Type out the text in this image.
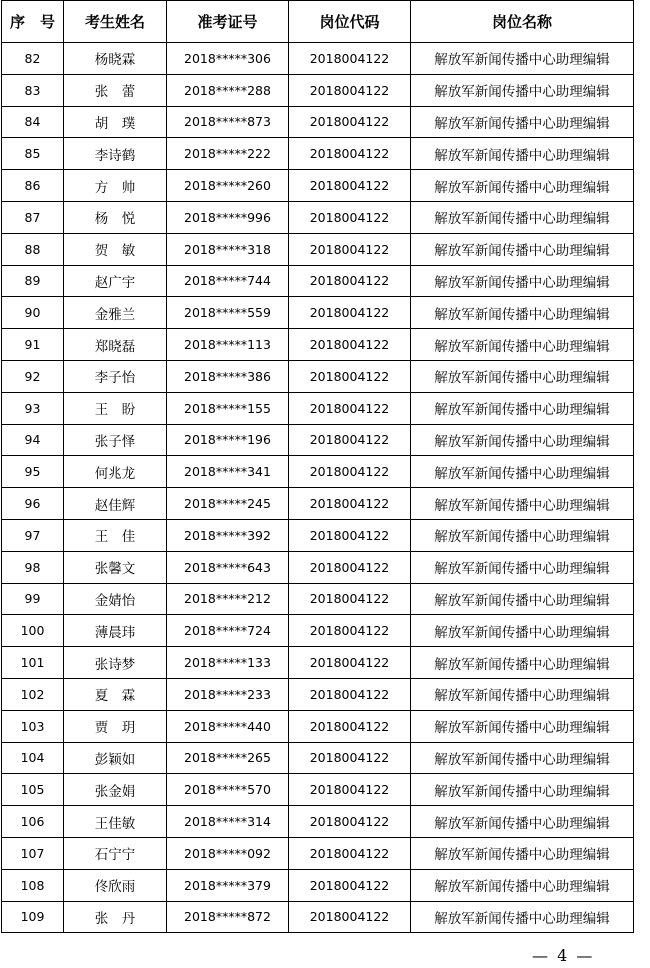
序　号	考生姓名	准考证号	岗位代码	岗位名称
82	杨晓霖	2018*****306	2018004122	解放军新闻传播中心助理编辑
83	张　蕾	2018*****288	2018004122	解放军新闻传播中心助理编辑
84	胡　璞	2018*****873	2018004122	解放军新闻传播中心助理编辑
85	李诗鹤	2018*****222	2018004122	解放军新闻传播中心助理编辑
86	方　帅	2018*****260	2018004122	解放军新闻传播中心助理编辑
87	杨　悦	2018*****996	2018004122	解放军新闻传播中心助理编辑
88	贺　敏	2018*****318	2018004122	解放军新闻传播中心助理编辑
89	赵广宇	2018*****744	2018004122	解放军新闻传播中心助理编辑
90	金雅兰	2018*****559	2018004122	解放军新闻传播中心助理编辑
91	郑晓磊	2018*****113	2018004122	解放军新闻传播中心助理编辑
92	李子怡	2018*****386	2018004122	解放军新闻传播中心助理编辑
93	王　盼	2018*****155	2018004122	解放军新闻传播中心助理编辑
94	张子怿	2018*****196	2018004122	解放军新闻传播中心助理编辑
95	何兆龙	2018*****341	2018004122	解放军新闻传播中心助理编辑
96	赵佳辉	2018*****245	2018004122	解放军新闻传播中心助理编辑
97	王　佳	2018*****392	2018004122	解放军新闻传播中心助理编辑
98	张馨文	2018*****643	2018004122	解放军新闻传播中心助理编辑
99	金婧怡	2018*****212	2018004122	解放军新闻传播中心助理编辑
100	薄晨玮	2018*****724	2018004122	解放军新闻传播中心助理编辑
101	张诗梦	2018*****133	2018004122	解放军新闻传播中心助理编辑
102	夏　霖	2018*****233	2018004122	解放军新闻传播中心助理编辑
103	贾　玥	2018*****440	2018004122	解放军新闻传播中心助理编辑
104	彭颖如	2018*****265	2018004122	解放军新闻传播中心助理编辑
105	张金娟	2018*****570	2018004122	解放军新闻传播中心助理编辑
106	王佳敏	2018*****314	2018004122	解放军新闻传播中心助理编辑
107	石宁宁	2018*****092	2018004122	解放军新闻传播中心助理编辑
108	佟欣雨	2018*****379	2018004122	解放军新闻传播中心助理编辑
109	张　丹	2018*****872	2018004122	解放军新闻传播中心助理编辑
— 4 —
